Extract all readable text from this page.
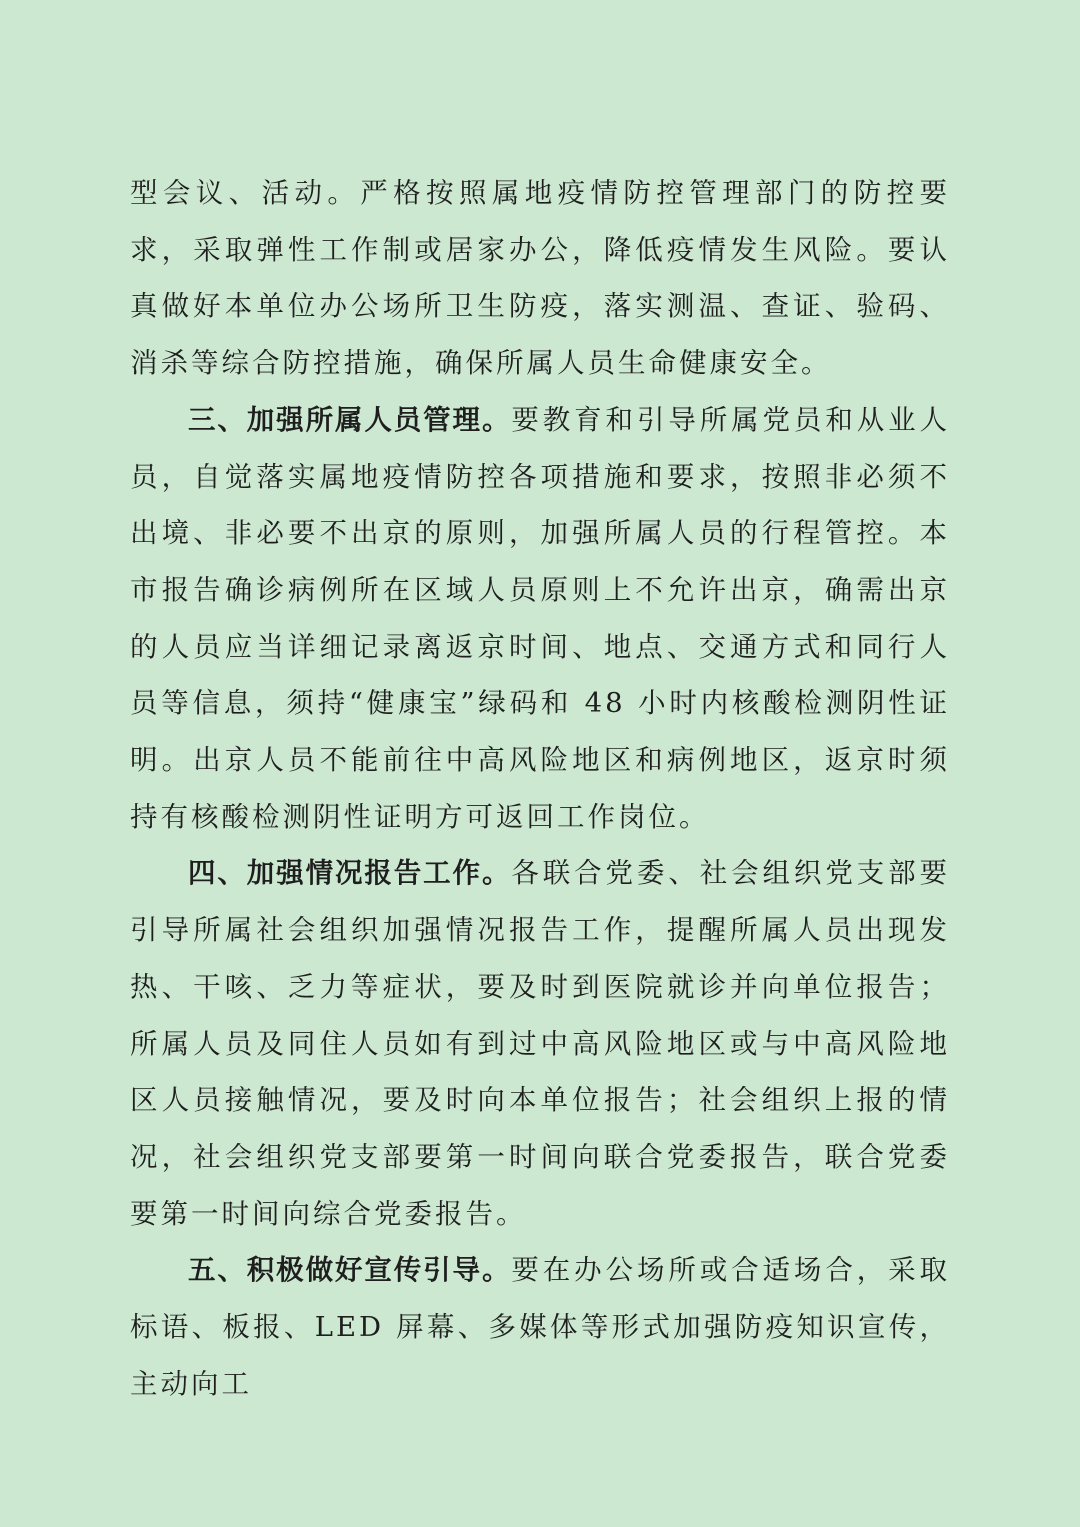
型会议、活动。严格按照属地疫情防控管理部门的防控要求，采取弹性工作制或居家办公，降低疫情发生风险。要认真做好本单位办公场所卫生防疫，落实测温、查证、验码、消杀等综合防控措施，确保所属人员生命健康安全。

三、加强所属人员管理。要教育和引导所属党员和从业人员，自觉落实属地疫情防控各项措施和要求，按照非必须不出境、非必要不出京的原则，加强所属人员的行程管控。本市报告确诊病例所在区域人员原则上不允许出京，确需出京的人员应当详细记录离返京时间、地点、交通方式和同行人员等信息，须持“健康宝”绿码和 48 小时内核酸检测阴性证明。出京人员不能前往中高风险地区和病例地区，返京时须持有核酸检测阴性证明方可返回工作岗位。

四、加强情况报告工作。各联合党委、社会组织党支部要引导所属社会组织加强情况报告工作，提醒所属人员出现发热、干咳、乏力等症状，要及时到医院就诊并向单位报告；所属人员及同住人员如有到过中高风险地区或与中高风险地区人员接触情况，要及时向本单位报告；社会组织上报的情况，社会组织党支部要第一时间向联合党委报告，联合党委要第一时间向综合党委报告。

五、积极做好宣传引导。要在办公场所或合适场合，采取标语、板报、LED 屏幕、多媒体等形式加强防疫知识宣传，主动向工
